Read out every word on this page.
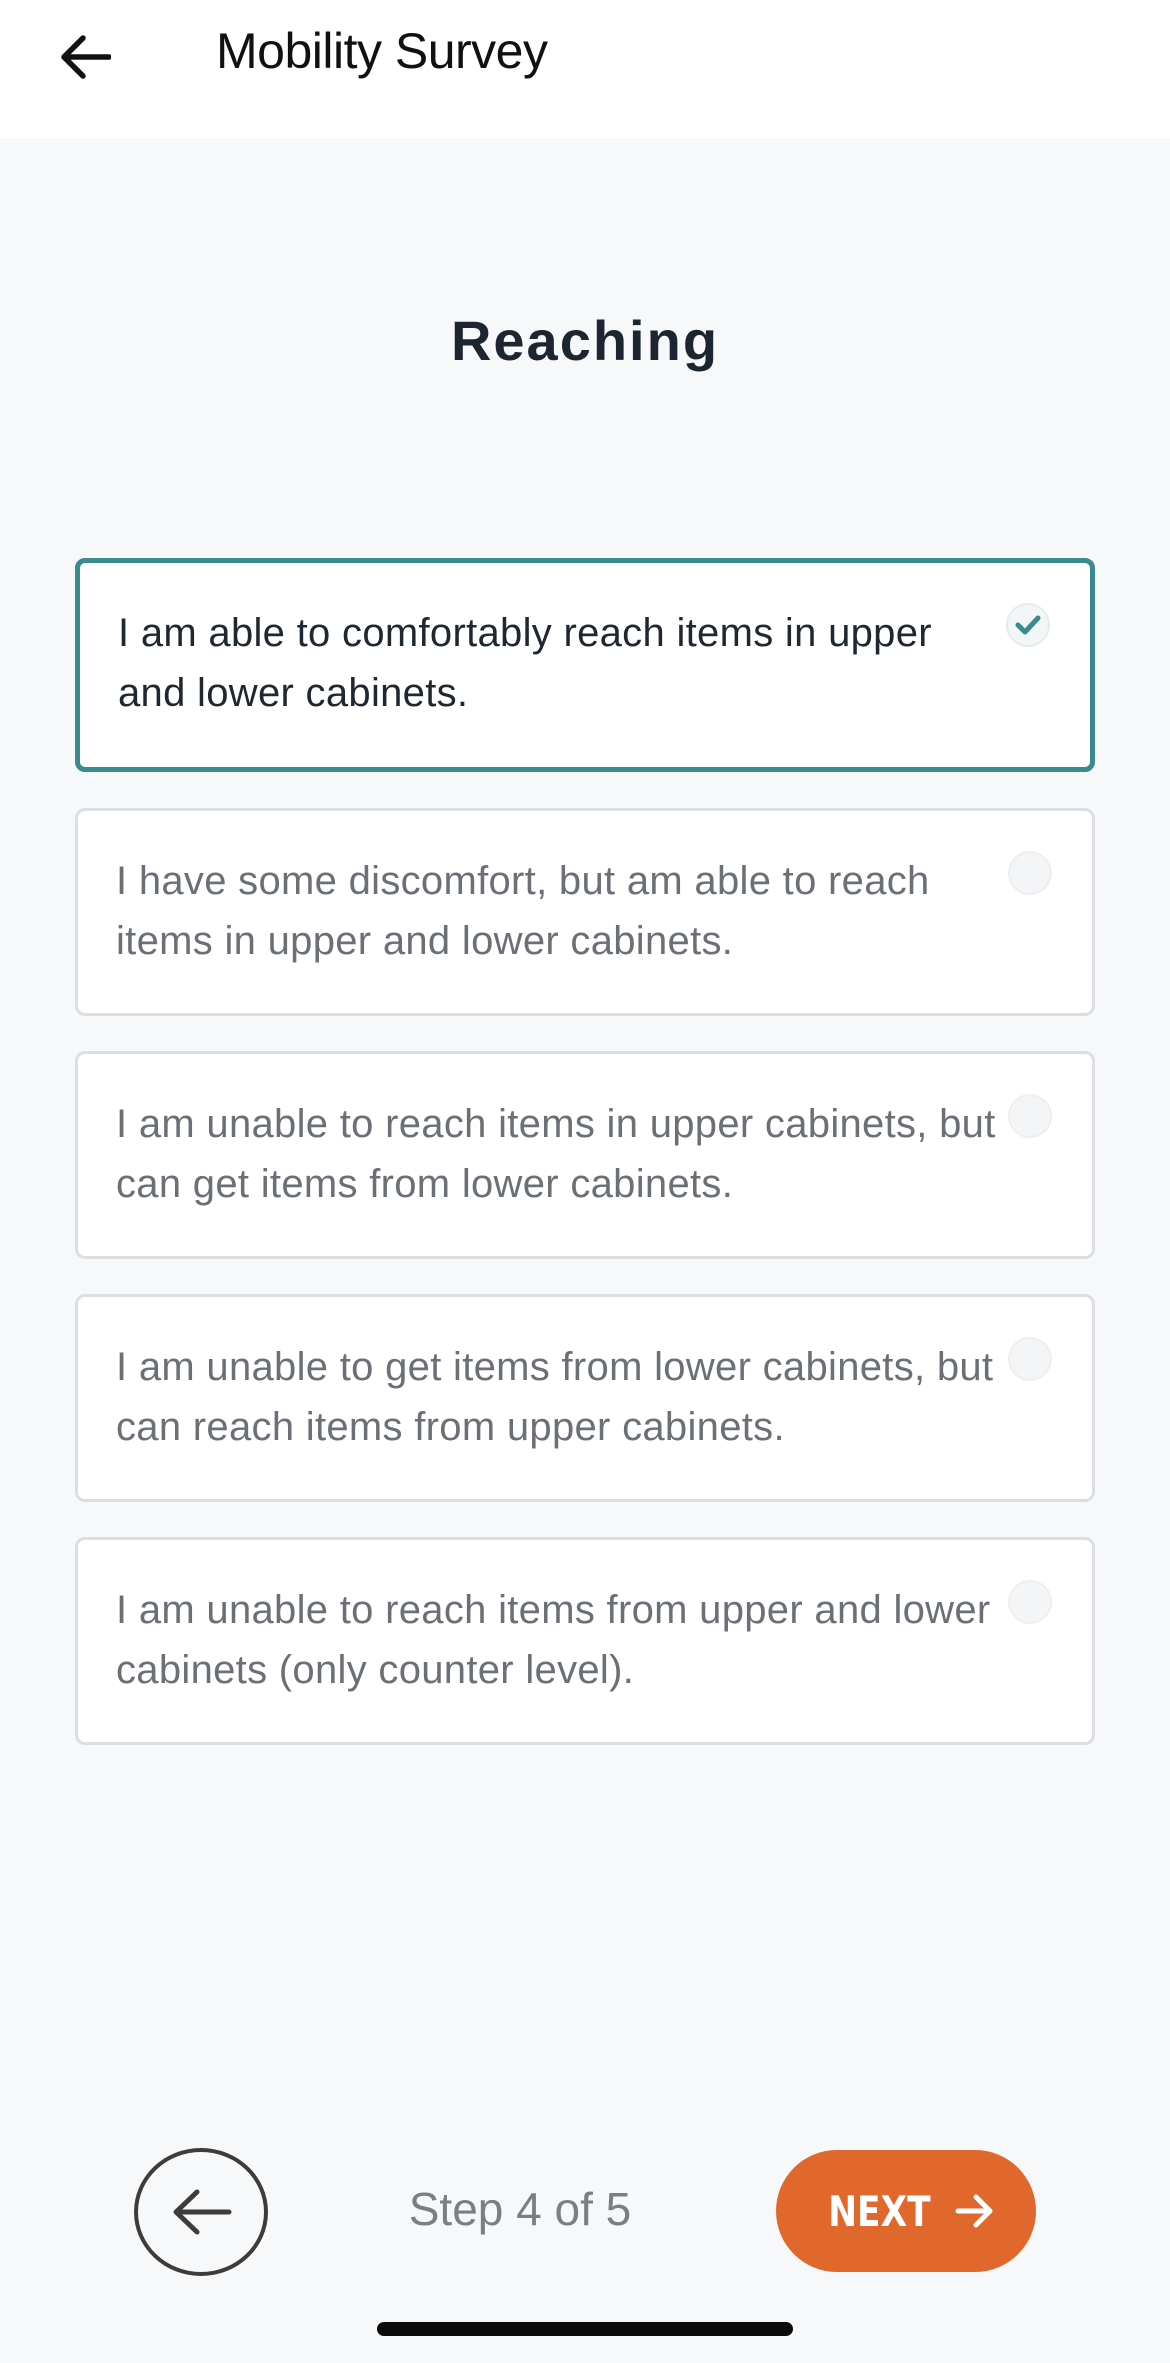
Mobility Survey
Reaching
I am able to comfortably reach items in upper and lower cabinets.
I have some discomfort, but am able to reach items in upper and lower cabinets.
I am unable to reach items in upper cabinets, but can get items from lower cabinets.
I am unable to get items from lower cabinets, but can reach items from upper cabinets.
I am unable to reach items from upper and lower cabinets (only counter level).
Step 4 of 5	NEXT
